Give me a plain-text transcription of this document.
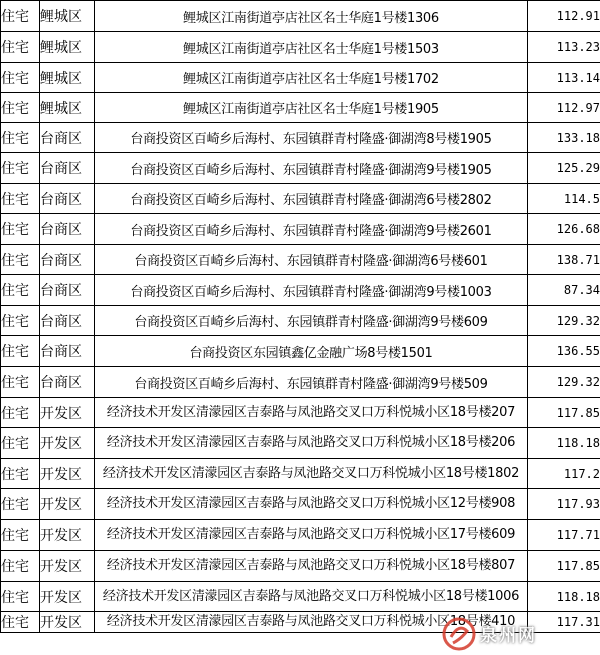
住宅	鲤城区	鲤城区江南街道亭店社区名士华庭1号楼1306	112.91
住宅	鲤城区	鲤城区江南街道亭店社区名士华庭1号楼1503	113.23
住宅	鲤城区	鲤城区江南街道亭店社区名士华庭1号楼1702	113.14
住宅	鲤城区	鲤城区江南街道亭店社区名士华庭1号楼1905	112.97
住宅	台商区	台商投资区百崎乡后海村、东园镇群青村隆盛·御湖湾8号楼1905	133.18
住宅	台商区	台商投资区百崎乡后海村、东园镇群青村隆盛·御湖湾9号楼1905	125.29
住宅	台商区	台商投资区百崎乡后海村、东园镇群青村隆盛·御湖湾6号楼2802	114.5
住宅	台商区	台商投资区百崎乡后海村、东园镇群青村隆盛·御湖湾9号楼2601	126.68
住宅	台商区	台商投资区百崎乡后海村、东园镇群青村隆盛·御湖湾6号楼601	138.71
住宅	台商区	台商投资区百崎乡后海村、东园镇群青村隆盛·御湖湾9号楼1003	87.34
住宅	台商区	台商投资区百崎乡后海村、东园镇群青村隆盛·御湖湾9号楼609	129.32
住宅	台商区	台商投资区东园镇鑫亿金融广场8号楼1501	136.55
住宅	台商区	台商投资区百崎乡后海村、东园镇群青村隆盛·御湖湾9号楼509	129.32
住宅	开发区	经济技术开发区清濛园区吉泰路与凤池路交叉口万科悦城小区18号楼207	117.85
住宅	开发区	经济技术开发区清濛园区吉泰路与凤池路交叉口万科悦城小区18号楼206	118.18
住宅	开发区	经济技术开发区清濛园区吉泰路与凤池路交叉口万科悦城小区18号楼1802	117.2
住宅	开发区	经济技术开发区清濛园区吉泰路与凤池路交叉口万科悦城小区12号楼908	117.93
住宅	开发区	经济技术开发区清濛园区吉泰路与凤池路交叉口万科悦城小区17号楼609	117.71
住宅	开发区	经济技术开发区清濛园区吉泰路与凤池路交叉口万科悦城小区18号楼807	117.85
住宅	开发区	经济技术开发区清濛园区吉泰路与凤池路交叉口万科悦城小区18号楼1006	118.18
住宅	开发区	经济技术开发区清濛园区吉泰路与凤池路交叉口万科悦城小区18号楼410	117.31
泉州网
